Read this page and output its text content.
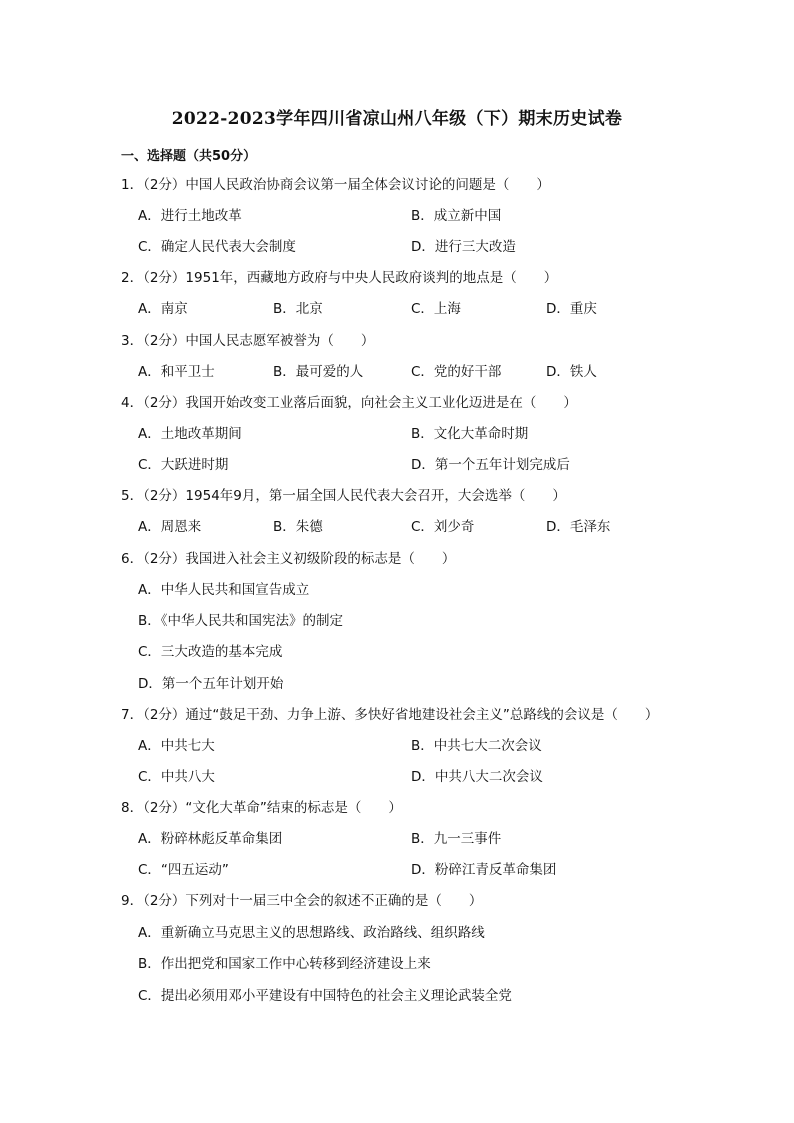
2022-2023学年四川省凉山州八年级（下）期末历史试卷
一、选择题（共50分）
1．（2分）中国人民政治协商会议第一届全体会议讨论的问题是（　　）
A．进行土地改革	B．成立新中国
C．确定人民代表大会制度	D．进行三大改造
2．（2分）1951年，西藏地方政府与中央人民政府谈判的地点是（　　）
A．南京	B．北京	C．上海	D．重庆
3．（2分）中国人民志愿军被誉为（　　）
A．和平卫士	B．最可爱的人	C．党的好干部	D．铁人
4．（2分）我国开始改变工业落后面貌，向社会主义工业化迈进是在（　　）
A．土地改革期间	B．文化大革命时期
C．大跃进时期	D．第一个五年计划完成后
5．（2分）1954年9月，第一届全国人民代表大会召开，大会选举（　　）
A．周恩来	B．朱德	C．刘少奇	D．毛泽东
6．（2分）我国进入社会主义初级阶段的标志是（　　）
A．中华人民共和国宣告成立
B．《中华人民共和国宪法》的制定
C．三大改造的基本完成
D．第一个五年计划开始
7．（2分）通过“鼓足干劲、力争上游、多快好省地建设社会主义”总路线的会议是（　　）
A．中共七大	B．中共七大二次会议
C．中共八大	D．中共八大二次会议
8．（2分）“文化大革命”结束的标志是（　　）
A．粉碎林彪反革命集团	B．九一三事件
C．“四五运动”	D．粉碎江青反革命集团
9．（2分）下列对十一届三中全会的叙述不正确的是（　　）
A．重新确立马克思主义的思想路线、政治路线、组织路线
B．作出把党和国家工作中心转移到经济建设上来
C．提出必须用邓小平建设有中国特色的社会主义理论武装全党
